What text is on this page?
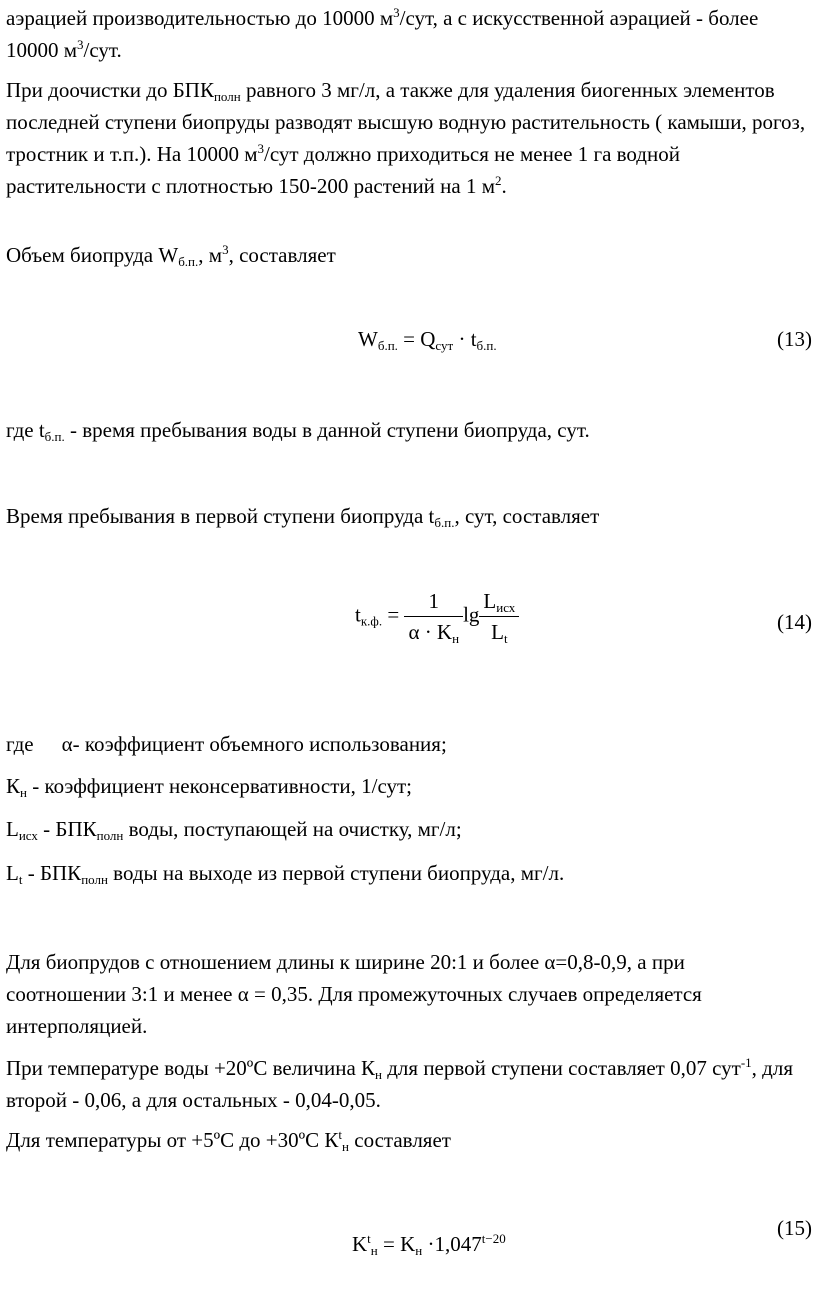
аэрацией производительностью до 10000 $м^3$/сут, а с искусственной аэрацией - более 10000 $м^3$/сут.

При доочистки до $БПК_{полн}$ равного 3 мг/л, а также для удаления биогенных элементов последней ступени биопруды разводят высшую водную растительность ( камыши, рогоз, тростник и т.п.). На 10000 $м^3$/сут должно приходиться не менее 1 га водной растительности с плотностью 150-200 растений на 1 $м^2$.

Объем биопруда $W_{б.п.}$, $м^3$, составляет

$W_{б.п.} = Q_{сут} \cdot t_{б.п.}$	(13)

где $t_{б.п.}$ - время пребывания воды в данной ступени биопруда, сут.

Время пребывания в первой ступени биопруда $t_{б.п.}$, сут, составляет

$t_{к.ф.} = \frac{1}{\alpha \cdot K_н}$ $\lg \frac{L_{исх}}{L_t}$	(14)

где α- коэффициент объемного использования;

$К_н$ - коэффициент неконсервативности, 1/сут;

$L_{исх} - БПК_{полн}$ воды, поступающей на очистку, мг/л;

$L_t - БПК_{полн}$ воды на выходе из первой ступени биопруда, мг/л.

Для биопрудов с отношением длины к ширине 20:1 и более α=0,8-0,9, а при соотношении 3:1 и менее α = 0,35. Для промежуточных случаев определяется интерполяцией.

При температуре воды +20ºС величина $К_н$ для первой ступени составляет 0,07 сут$^{-1}$, для второй - 0,06, а для остальных - 0,04-0,05.

Для температуры от +5ºС до +30ºС $К^t_н$ составляет

$K^t_н = K_н \cdot 1,047^{t-20}$	(15)
